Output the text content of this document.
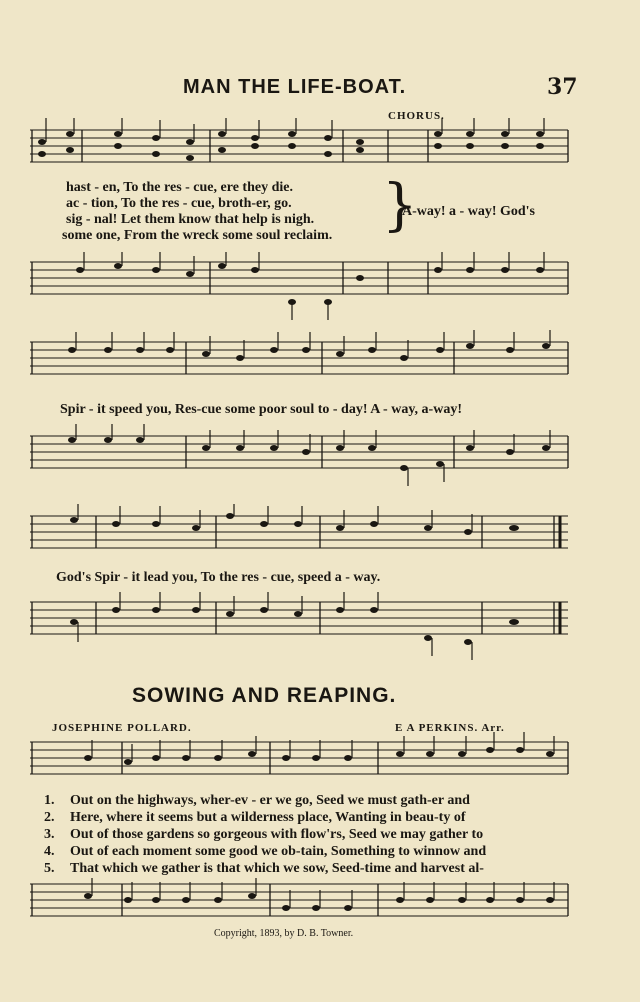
MAN THE LIFE-BOAT.	37
CHORUS.
hast - en, To the res - cue, ere they die.
ac - tion, To the res - cue, broth-er, go.
sig - nal! Let them know that help is nigh.
some one, From the wreck some soul reclaim. }
A-way! a - way! God's
Spir - it speed you, Res-cue some poor soul to - day! A - way, a-way!
God's Spir - it lead you, To the res - cue, speed a - way.
SOWING AND REAPING.
JOSEPHINE POLLARD.	E A PERKINS. Arr.
1. Out on the highways, wher-ev - er we go, Seed we must gath-er and
2. Here, where it seems but a wilderness place, Wanting in beau-ty of
3. Out of those gardens so gorgeous with flow'rs, Seed we may gather to
4. Out of each moment some good we ob-tain, Something to winnow and
5. That which we gather is that which we sow, Seed-time and harvest al-
Copyright, 1893, by D. B. Towner.
